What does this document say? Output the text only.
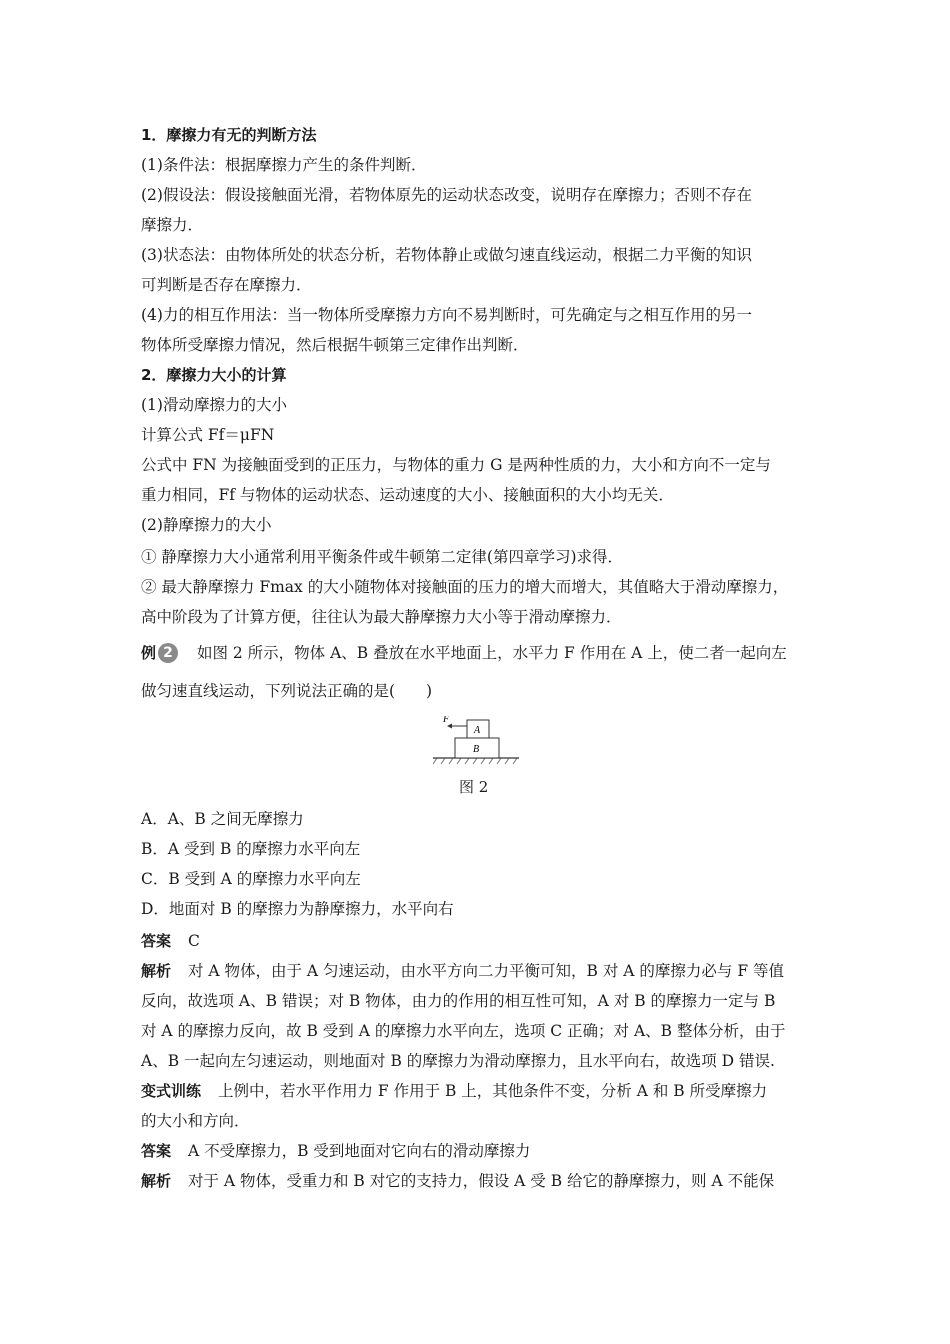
1．摩擦力有无的判断方法
(1)条件法：根据摩擦力产生的条件判断．
(2)假设法：假设接触面光滑，若物体原先的运动状态改变，说明存在摩擦力；否则不存在
摩擦力．
(3)状态法：由物体所处的状态分析，若物体静止或做匀速直线运动，根据二力平衡的知识
可判断是否存在摩擦力．
(4)力的相互作用法：当一物体所受摩擦力方向不易判断时，可先确定与之相互作用的另一
物体所受摩擦力情况，然后根据牛顿第三定律作出判断．
2．摩擦力大小的计算
(1)滑动摩擦力的大小
计算公式 Ff＝μFN
公式中 FN 为接触面受到的正压力，与物体的重力 G 是两种性质的力，大小和方向不一定与
重力相同，Ff 与物体的运动状态、运动速度的大小、接触面积的大小均无关．
(2)静摩擦力的大小
① 静摩擦力大小通常利用平衡条件或牛顿第二定律(第四章学习)求得．
② 最大静摩擦力 Fmax 的大小随物体对接触面的压力的增大而增大，其值略大于滑动摩擦力，
高中阶段为了计算方便，往往认为最大静摩擦力大小等于滑动摩擦力．
例 2	如图 2 所示，物体 A、B 叠放在水平地面上，水平力 F 作用在 A 上，使二者一起向左
做匀速直线运动，下列说法正确的是(　　)
F
A
B
图 2
A．A、B 之间无摩擦力
B．A 受到 B 的摩擦力水平向左
C．B 受到 A 的摩擦力水平向左
D．地面对 B 的摩擦力为静摩擦力，水平向右
答案 C
解析 对 A 物体，由于 A 匀速运动，由水平方向二力平衡可知，B 对 A 的摩擦力必与 F 等值
反向，故选项 A、B 错误；对 B 物体，由力的作用的相互性可知，A 对 B 的摩擦力一定与 B
对 A 的摩擦力反向，故 B 受到 A 的摩擦力水平向左，选项 C 正确；对 A、B 整体分析，由于
A、B 一起向左匀速运动，则地面对 B 的摩擦力为滑动摩擦力，且水平向右，故选项 D 错误.
变式训练 上例中，若水平作用力 F 作用于 B 上，其他条件不变，分析 A 和 B 所受摩擦力
的大小和方向．
答案 A 不受摩擦力，B 受到地面对它向右的滑动摩擦力
解析 对于 A 物体，受重力和 B 对它的支持力，假设 A 受 B 给它的静摩擦力，则 A 不能保
